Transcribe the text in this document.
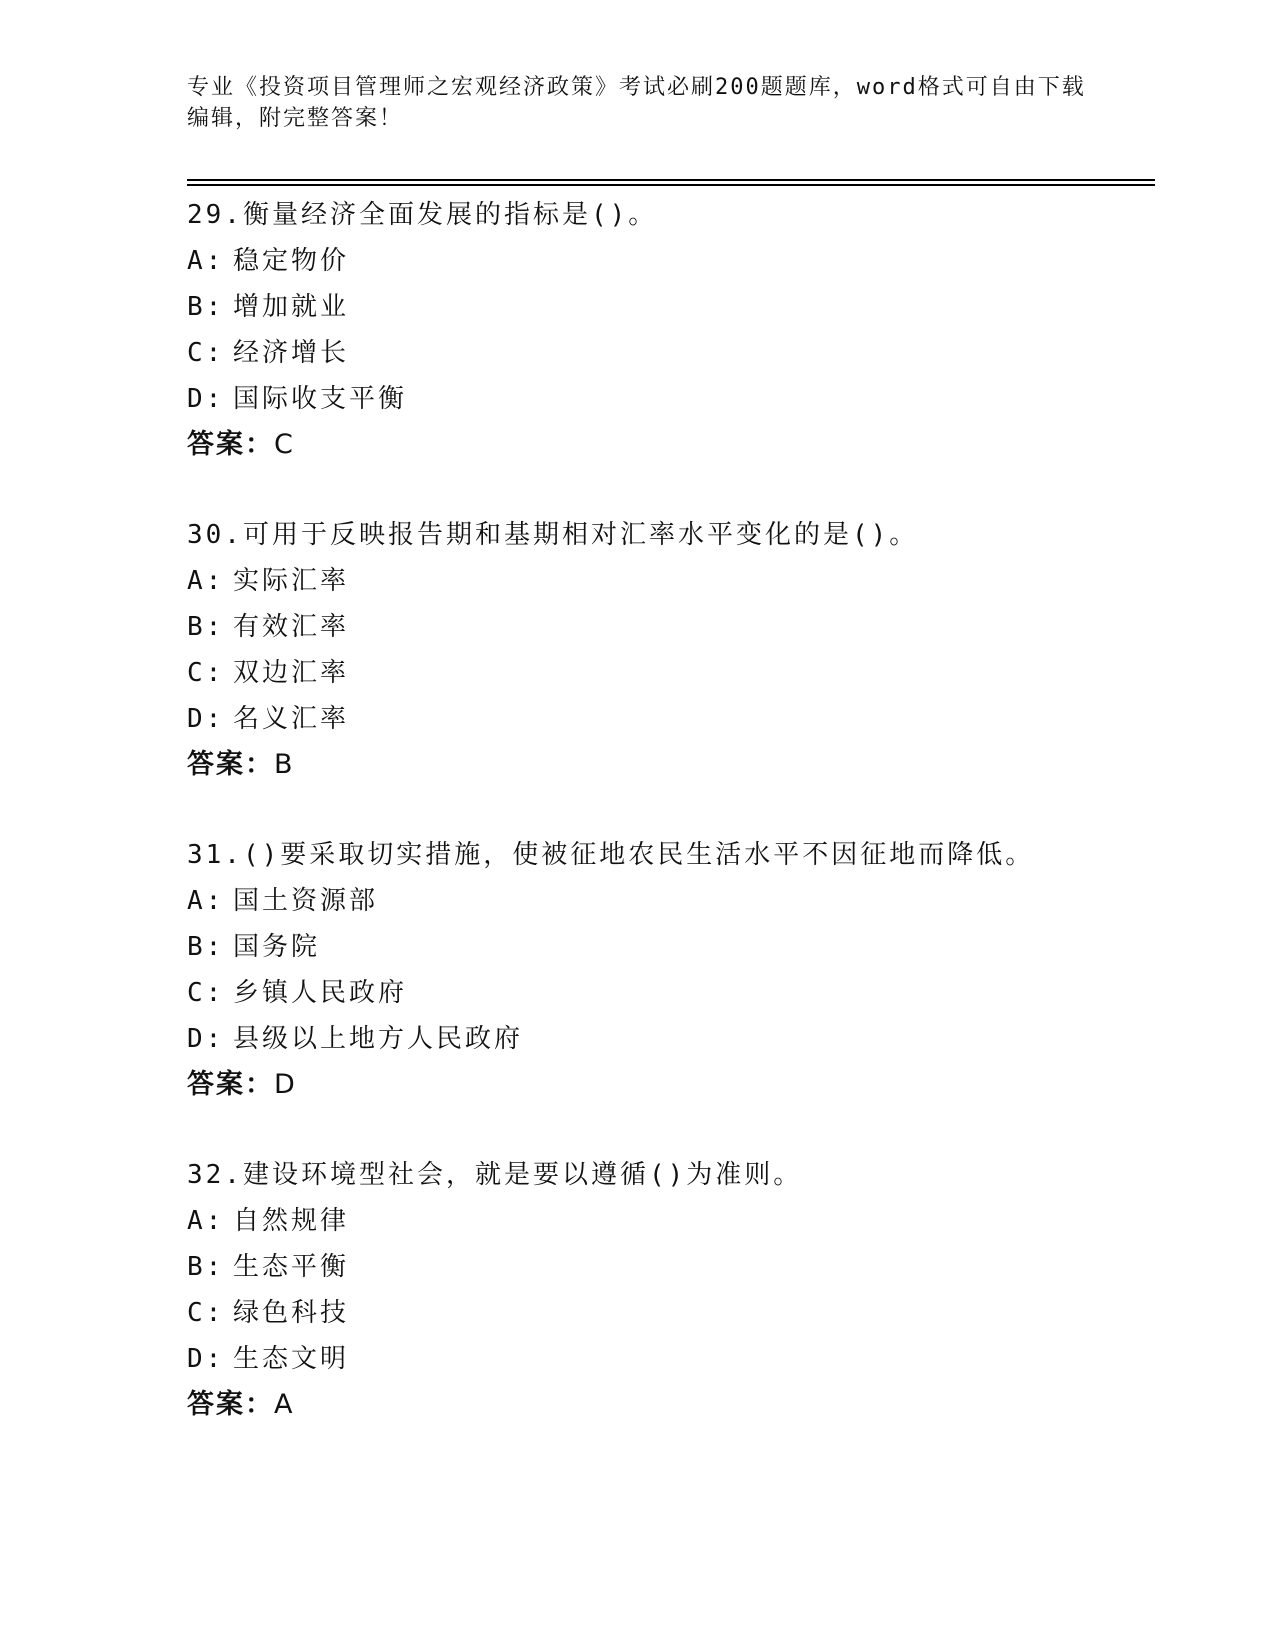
专业《投资项目管理师之宏观经济政策》考试必刷200题题库，word格式可自由下载编辑，附完整答案！
29.衡量经济全面发展的指标是()。
A: 稳定物价
B: 增加就业
C: 经济增长
D: 国际收支平衡
答案：C
30.可用于反映报告期和基期相对汇率水平变化的是()。
A: 实际汇率
B: 有效汇率
C: 双边汇率
D: 名义汇率
答案：B
31.()要采取切实措施，使被征地农民生活水平不因征地而降低。
A: 国土资源部
B: 国务院
C: 乡镇人民政府
D: 县级以上地方人民政府
答案：D
32.建设环境型社会，就是要以遵循()为准则。
A: 自然规律
B: 生态平衡
C: 绿色科技
D: 生态文明
答案：A
